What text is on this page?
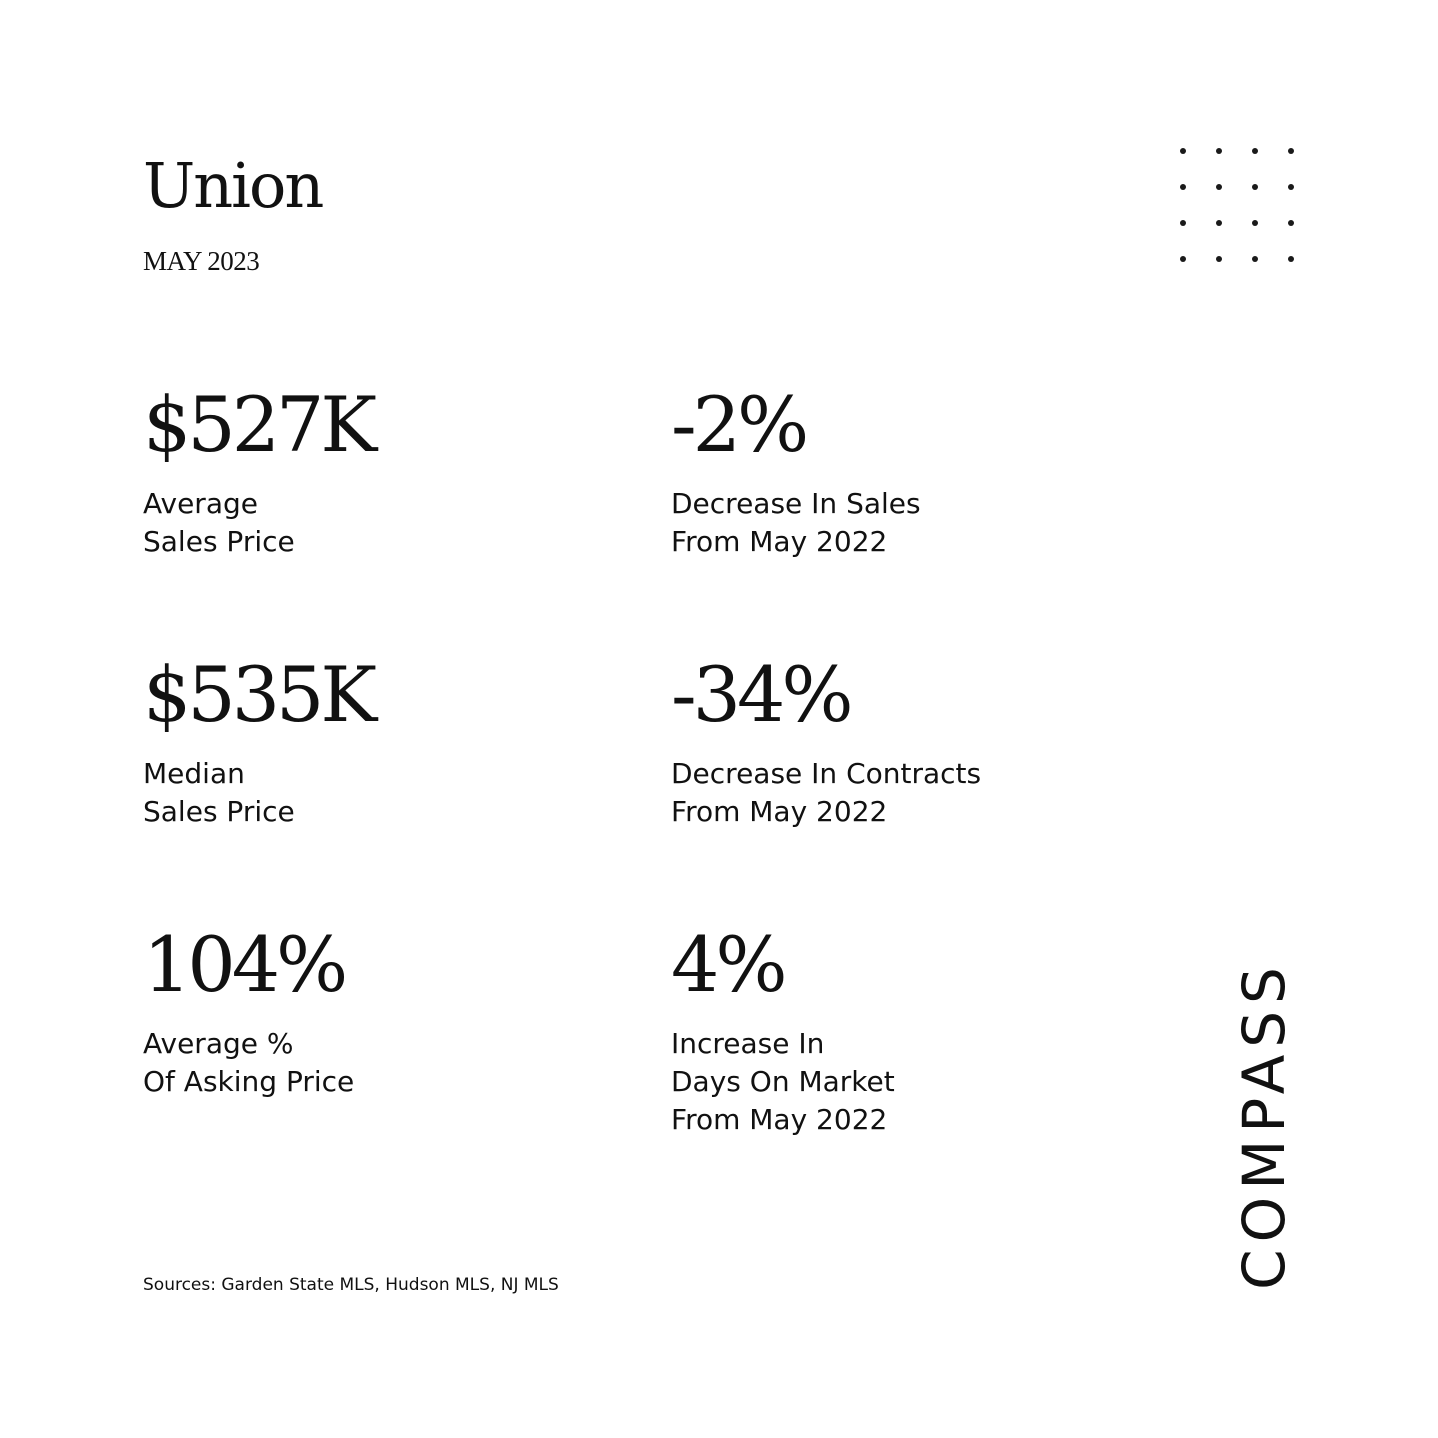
Union
MAY 2023
$527K
Average
Sales Price
-2%
Decrease In Sales
From May 2022
$535K
Median
Sales Price
-34%
Decrease In Contracts
From May 2022
104%
Average %
Of Asking Price
4%
Increase In
Days On Market
From May 2022
Sources: Garden State MLS, Hudson MLS, NJ MLS	COMPASS
